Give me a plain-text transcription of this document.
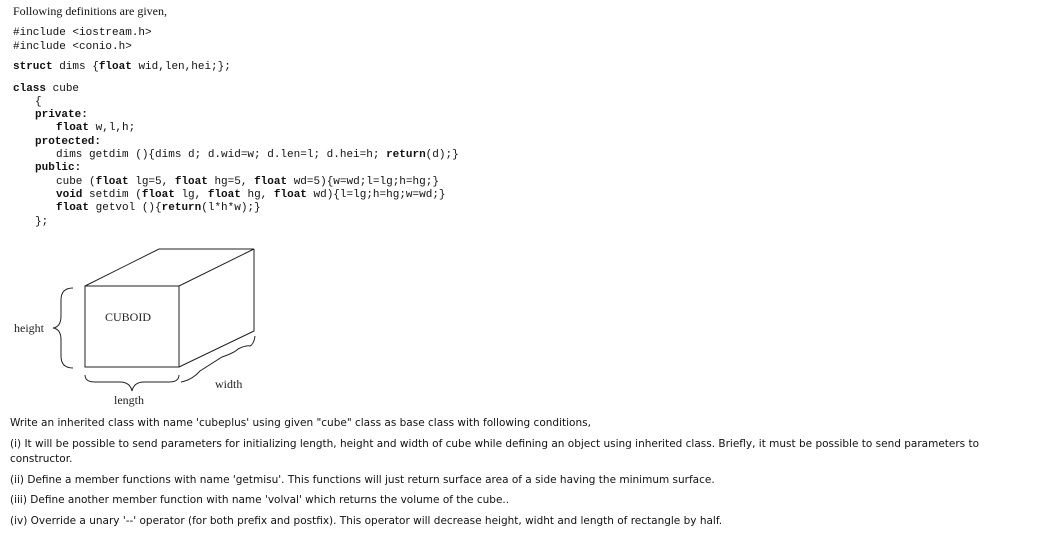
Following definitions are given,
#include <iostream.h>
#include <conio.h>
struct dims {float wid,len,hei;};
class cube
{
private:
float w,l,h;
protected:
dims getdim (){dims d; d.wid=w; d.len=l; d.hei=h; return(d);}
public:
cube (float lg=5, float hg=5, float wd=5){w=wd;l=lg;h=hg;}
void setdim (float lg, float hg, float wd){l=lg;h=hg;w=wd;}
float getvol (){return(l*h*w);}
};
CUBOID
height
width
length
Write an inherited class with name 'cubeplus' using given "cube" class as base class with following conditions,
(i) It will be possible to send parameters for initializing length, height and width of cube while defining an object using inherited class. Briefly, it must be possible to send parameters to constructor.
(ii) Define a member functions with name 'getmisu'. This functions will just return surface area of a side having the minimum surface.
(iii) Define another member function with name 'volval' which returns the volume of the cube..
(iv) Override a unary '--' operator (for both prefix and postfix). This operator will decrease height, widht and length of rectangle by half.
